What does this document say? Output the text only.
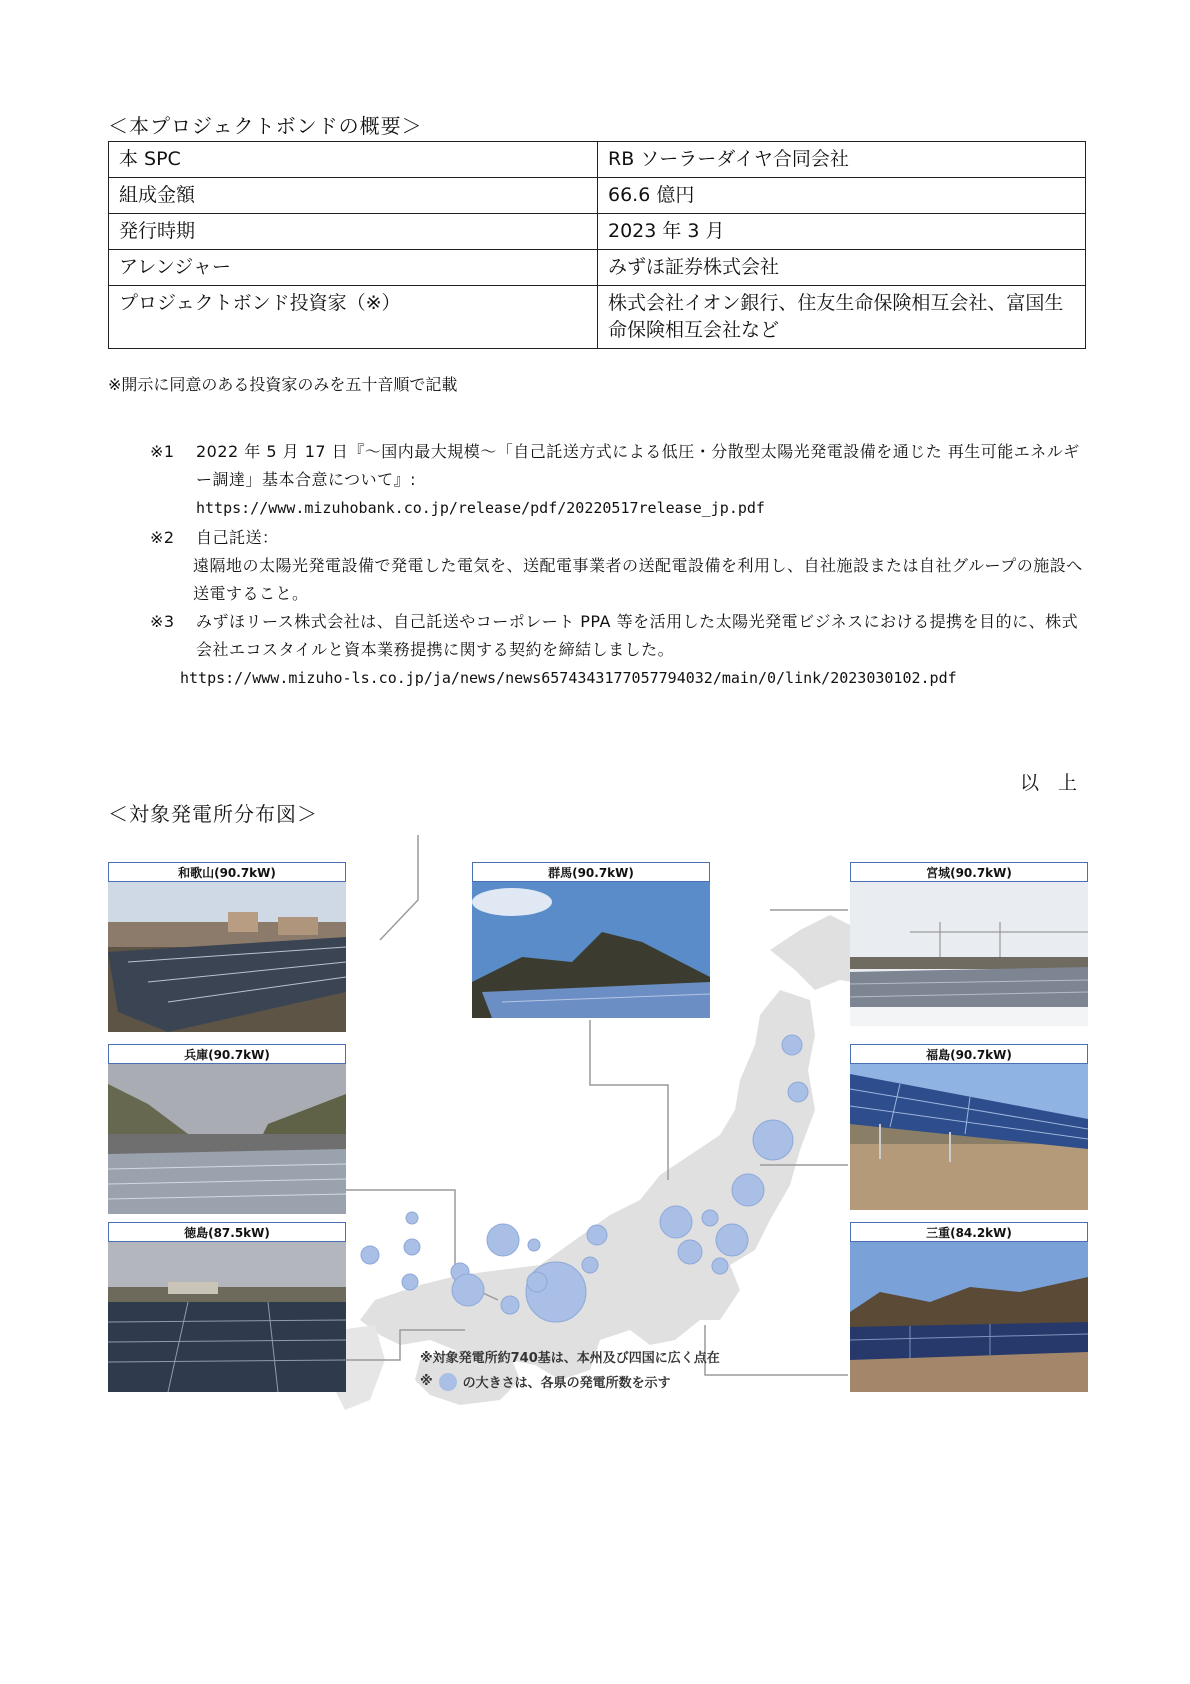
＜本プロジェクトボンドの概要＞
本 SPC	RB ソーラーダイヤ合同会社
組成金額	66.6 億円
発行時期	2023 年 3 月
アレンジャー	みずほ証券株式会社
プロジェクトボンド投資家（※）	株式会社イオン銀行、住友生命保険相互会社、富国生命保険相互会社など
※開示に同意のある投資家のみを五十音順で記載
※1	2022 年 5 月 17 日『～国内最大規模～「自己託送方式による低圧・分散型太陽光発電設備を通じた 再生可能エネルギー調達」基本合意について』:
https://www.mizuhobank.co.jp/release/pdf/20220517release_jp.pdf
※2	自己託送：
遠隔地の太陽光発電設備で発電した電気を、送配電事業者の送配電設備を利用し、自社施設または自社グループの施設へ送電すること。
※3	みずほリース株式会社は、自己託送やコーポレート PPA 等を活用した太陽光発電ビジネスにおける提携を目的に、株式会社エコスタイルと資本業務提携に関する契約を締結しました。
https://www.mizuho-ls.co.jp/ja/news/news6574343177057794032/main/0/link/2023030102.pdf
以　上
＜対象発電所分布図＞
和歌山(90.7kW)
兵庫(90.7kW)
徳島(87.5kW)
群馬(90.7kW)	宮城(90.7kW)
福島(90.7kW)
三重(84.2kW)
※対象発電所約740基は、本州及び四国に広く点在
※ の大きさは、各県の発電所数を示す
